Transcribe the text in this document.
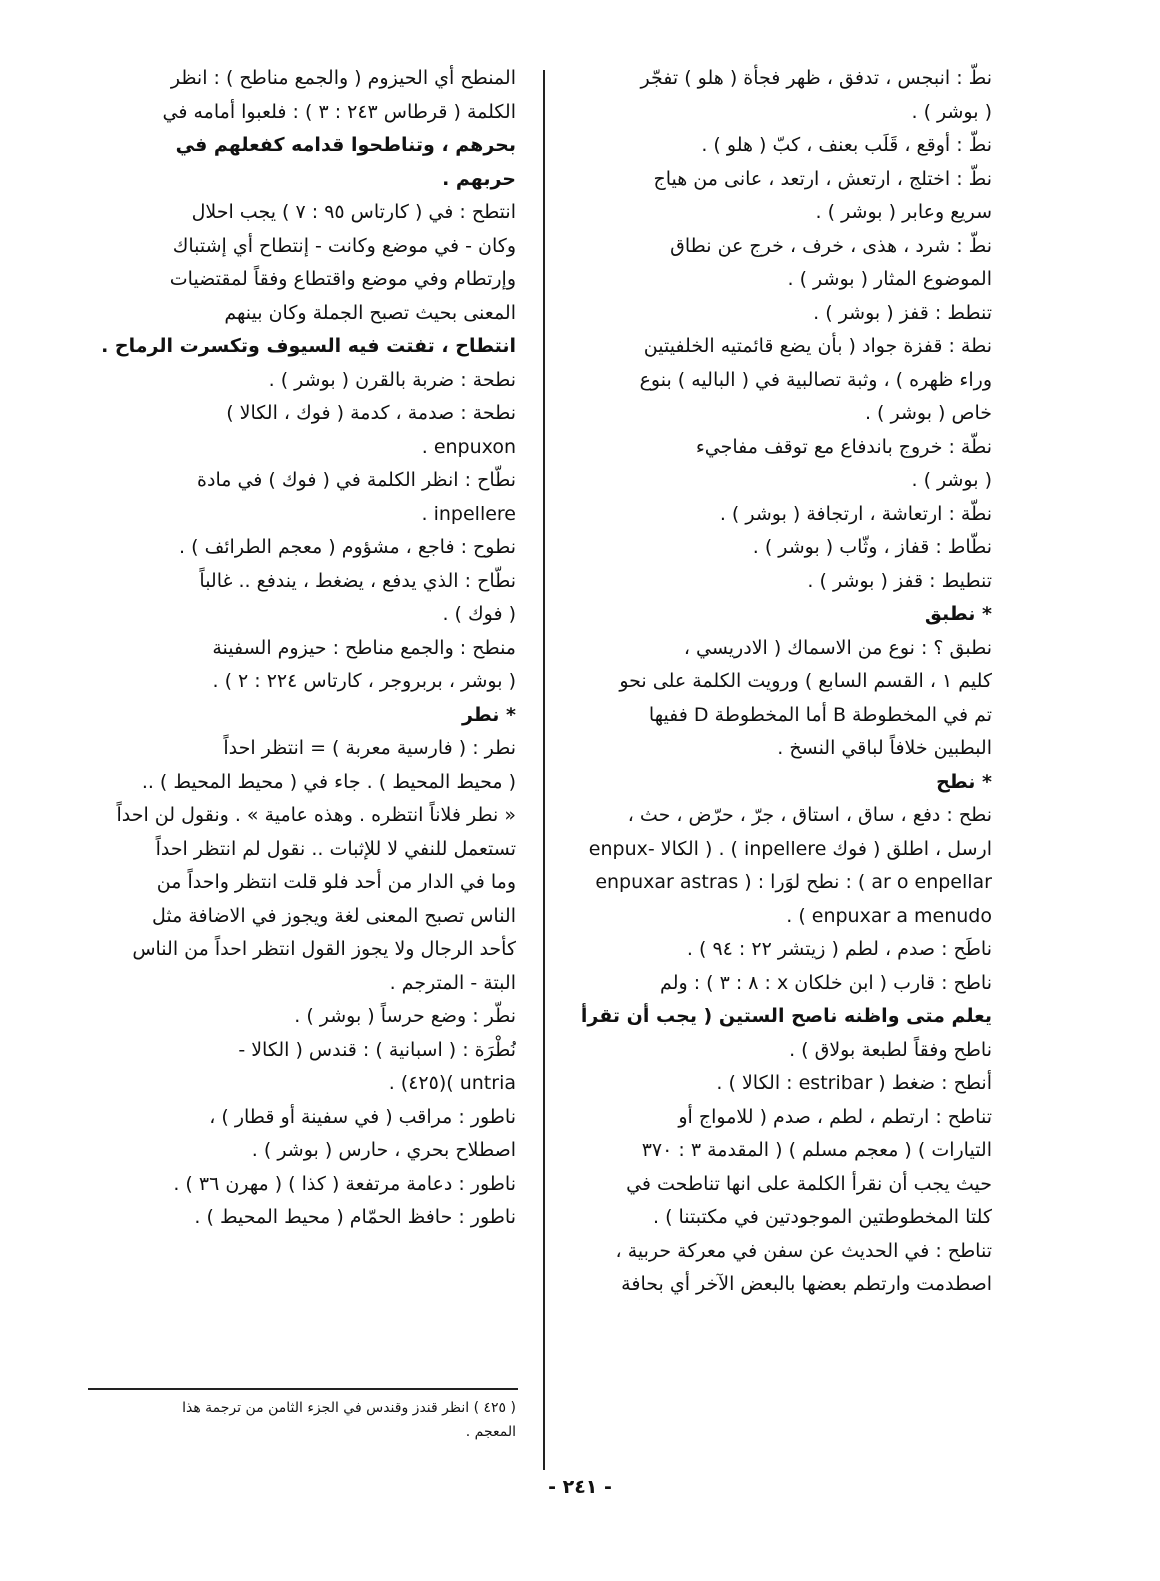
نطّ : انبجس ، تدفق ، ظهر فجأة ( هلو ) تفجّر
( بوشر ) .
نطّ : أوقع ، قَلَب بعنف ، كبّ ( هلو ) .
نطّ : اختلج ، ارتعش ، ارتعد ، عانى من هياج
سريع وعابر ( بوشر ) .
نطّ : شرد ، هذى ، خرف ، خرج عن نطاق
الموضوع المثار ( بوشر ) .
تنطط : قفز ( بوشر ) .
نطة : قفزة جواد ( بأن يضع قائمتيه الخلفيتين
وراء ظهره ) ، وثبة تصالبية في ( الباليه ) بنوع
خاص ( بوشر ) .
نطّة : خروج باندفاع مع توقف مفاجيء
( بوشر ) .
نطّة : ارتعاشة ، ارتجافة ( بوشر ) .
نطّاط : قفاز ، وثّاب ( بوشر ) .
تنطيط : قفز ( بوشر ) .
* نطبق
نطبق ؟ : نوع من الاسماك ( الادريسي ،
كليم ١ ، القسم السابع ) ورويت الكلمة على نحو
تم في المخطوطة B أما المخطوطة D ففيها
البطبين خلافاً لباقي النسخ .
* نطح
نطح : دفع ، ساق ، استاق ، جرّ ، حرّض ، حث ،
ارسل ، اطلق ( فوك inpellere ) . ( الكالا -enpux
ar o enpellar ) : نطح لوَرا : ( enpuxar astras
enpuxar a menudo ) .
ناطَح : صدم ، لطم ( زيتشر ٢٢ : ٩٤ ) .
ناطح : قارب ( ابن خلكان x : ٨ : ٣ ) : ولم
يعلم متى واظنه ناصح الستين ( يجب أن تقرأ
ناطح وفقاً لطبعة بولاق ) .
أنطح : ضغط ( estribar : الكالا ) .
تناطح : ارتطم ، لطم ، صدم ( للامواج أو
التيارات ) ( معجم مسلم ) ( المقدمة ٣ : ٣٧٠
حيث يجب أن نقرأ الكلمة على انها تناطحت في
كلتا المخطوطتين الموجودتين في مكتبتنا ) .
تناطح : في الحديث عن سفن في معركة حربية ،
اصطدمت وارتطم بعضها بالبعض الآخر أي بحافة
المنطح أي الحيزوم ( والجمع مناطح ) : انظر
الكلمة ( قرطاس ٢٤٣ : ٣ ) : فلعبوا أمامه في
بحرهم ، وتناطحوا قدامه كفعلهم في
حربهم .
انتطح : في ( كارتاس ٩٥ : ٧ ) يجب احلال
وكان - في موضع وكانت - إنتطاح أي إشتباك
وإرتطام وفي موضع واقتطاع وفقاً لمقتضيات
المعنى بحيث تصبح الجملة وكان بينهم
انتطاح ، تفتت فيه السيوف وتكسرت الرماح .
نطحة : ضربة بالقرن ( بوشر ) .
نطحة : صدمة ، كدمة ( فوك ، الكالا )
enpuxon .
نطّاح : انظر الكلمة في ( فوك ) في مادة
inpellere .
نطوح : فاجع ، مشؤوم ( معجم الطرائف ) .
نطّاح : الذي يدفع ، يضغط ، يندفع .. غالباً
( فوك ) .
منطح : والجمع مناطح : حيزوم السفينة
( بوشر ، بربروجر ، كارتاس ٢٢٤ : ٢ ) .
* نطر
نطر : ( فارسية معربة ) = انتظر احداً
( محيط المحيط ) . جاء في ( محيط المحيط ) ..
« نطر فلاناً انتظره . وهذه عامية » . ونقول لن احداً
تستعمل للنفي لا للإثبات .. نقول لم انتظر احداً
وما في الدار من أحد فلو قلت انتظر واحداً من
الناس تصبح المعنى لغة ويجوز في الاضافة مثل
كأحد الرجال ولا يجوز القول انتظر احداً من الناس
البتة - المترجم .
نطّر : وضع حرساً ( بوشر ) .
نُطْرَة : ( اسبانية ) : قندس ( الكالا -
untria )(٤٢٥) .
ناطور : مراقب ( في سفينة أو قطار ) ،
اصطلاح بحري ، حارس ( بوشر ) .
ناطور : دعامة مرتفعة ( كذا ) ( مهرن ٣٦ ) .
ناطور : حافظ الحمّام ( محيط المحيط ) .
( ٤٢٥ ) انظر قندز وقندس في الجزء الثامن من ترجمة هذا
المعجم .
- ٢٤١ -
